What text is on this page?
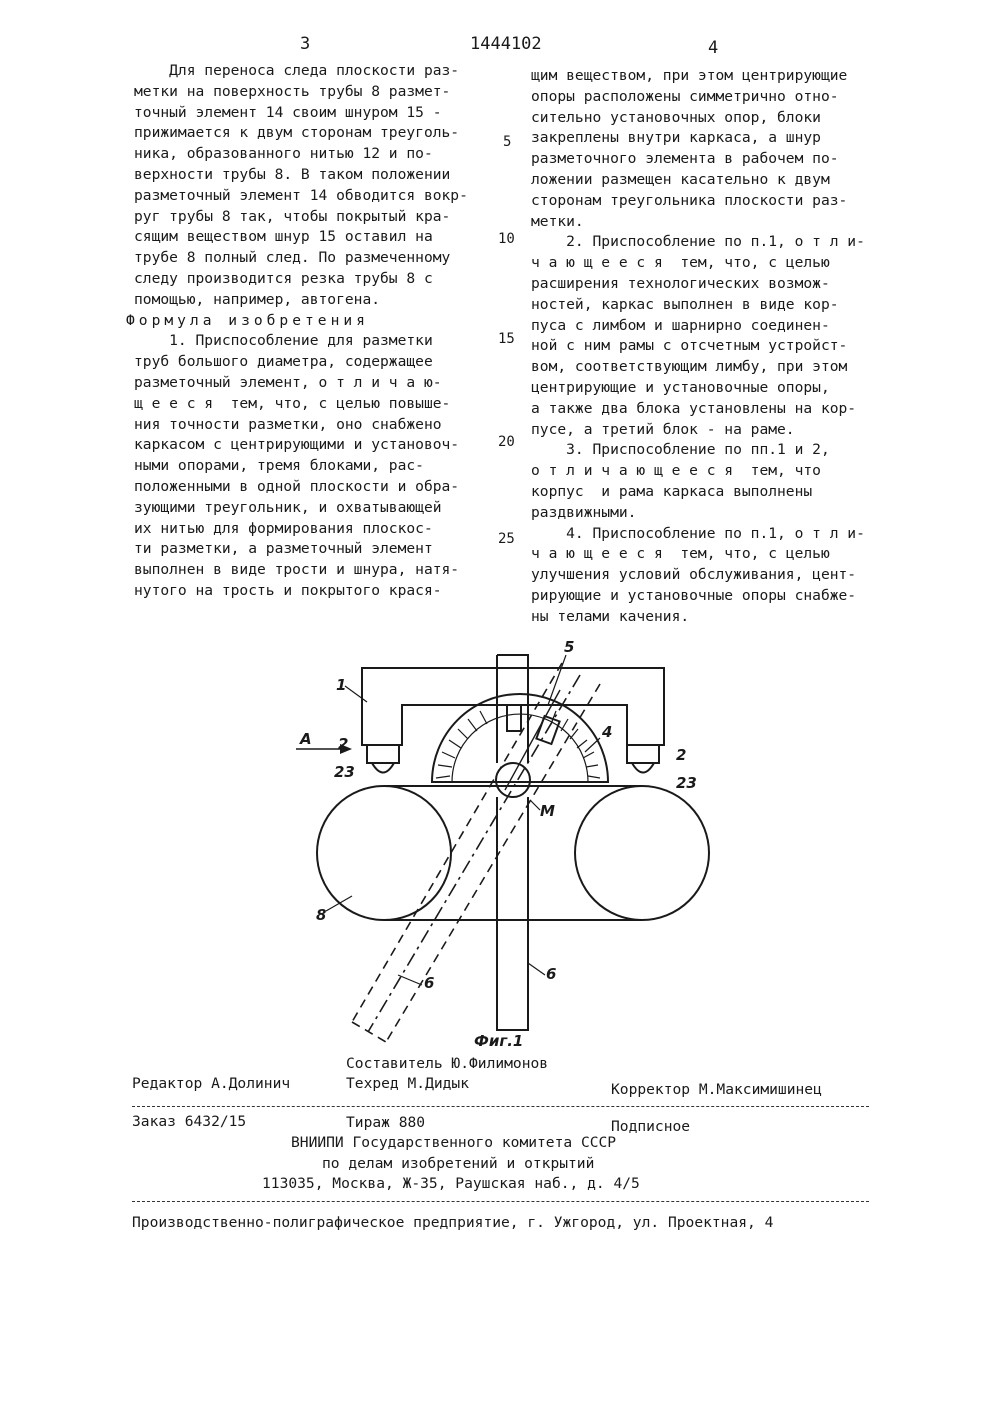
3	1444102	4

Для переноса следа плоскости раз-

метки на поверхность трубы 8 размет-

точный элемент 14 своим шнуром 15 -

прижимается к двум сторонам треуголь-

ника, образованного нитью 12 и по-

верхности трубы 8. В таком положении

разметочный элемент 14 обводится вокр-

руг трубы 8 так, чтобы покрытый кра-

сящим веществом шнур 15 оставил на

трубе 8 полный след. По размеченному

следу производится резка трубы 8 с

помощью, например, автогена.

Формула изобретения

1. Приспособление для разметки

труб большого диаметра, содержащее

разметочный элемент, о т л и ч а ю-

щ е е с я  тем, что, с целью повыше-

ния точности разметки, оно снабжено

каркасом с центрирующими и установоч-

ными опорами, тремя блоками, рас-

положенными в одной плоскости и обра-

зующими треугольник, и охватывающей

их нитью для формирования плоскос-

ти разметки, а разметочный элемент

выполнен в виде трости и шнура, натя-

нутого на трость и покрытого крася-

5
10
15
20
25

щим веществом, при этом центрирующие

опоры расположены симметрично отно-

сительно установочных опор, блоки

закреплены внутри каркаса, а шнур

разметочного элемента в рабочем по-

ложении размещен касательно к двум

сторонам треугольника плоскости раз-

метки.

2. Приспособление по п.1, о т л и-

ч а ю щ е е с я  тем, что, с целью

расширения технологических возмож-

ностей, каркас выполнен в виде кор-

пуса с лимбом и шарнирно соединен-

ной с ним рамы с отсчетным устройст-

вом, соответствующим лимбу, при этом

центрирующие и установочные опоры,

а также два блока установлены на кор-

пусе, а третий блок - на раме.

3. Приспособление по пп.1 и 2,

о т л и ч а ю щ е е с я  тем, что

корпус  и рама каркаса выполнены

раздвижными.

4. Приспособление по п.1, о т л и-

ч а ю щ е е с я  тем, что, с целью

улучшения условий обслуживания, цент-

рирующие и установочные опоры снабже-

ны телами качения.

1
2
2
23
23
4
5
M
6	6
8
A
Фиг.1
Составитель Ю.Филимонов
Редактор А.Долинич	Техред М.Дидык	Корректор М.Максимишинец
Заказ 6432/15	Тираж 880	Подписное
ВНИИПИ Государственного комитета СССР
по делам изобретений и открытий
113035, Москва, Ж-35, Раушская наб., д. 4/5
Производственно-полиграфическое предприятие, г. Ужгород, ул. Проектная, 4
